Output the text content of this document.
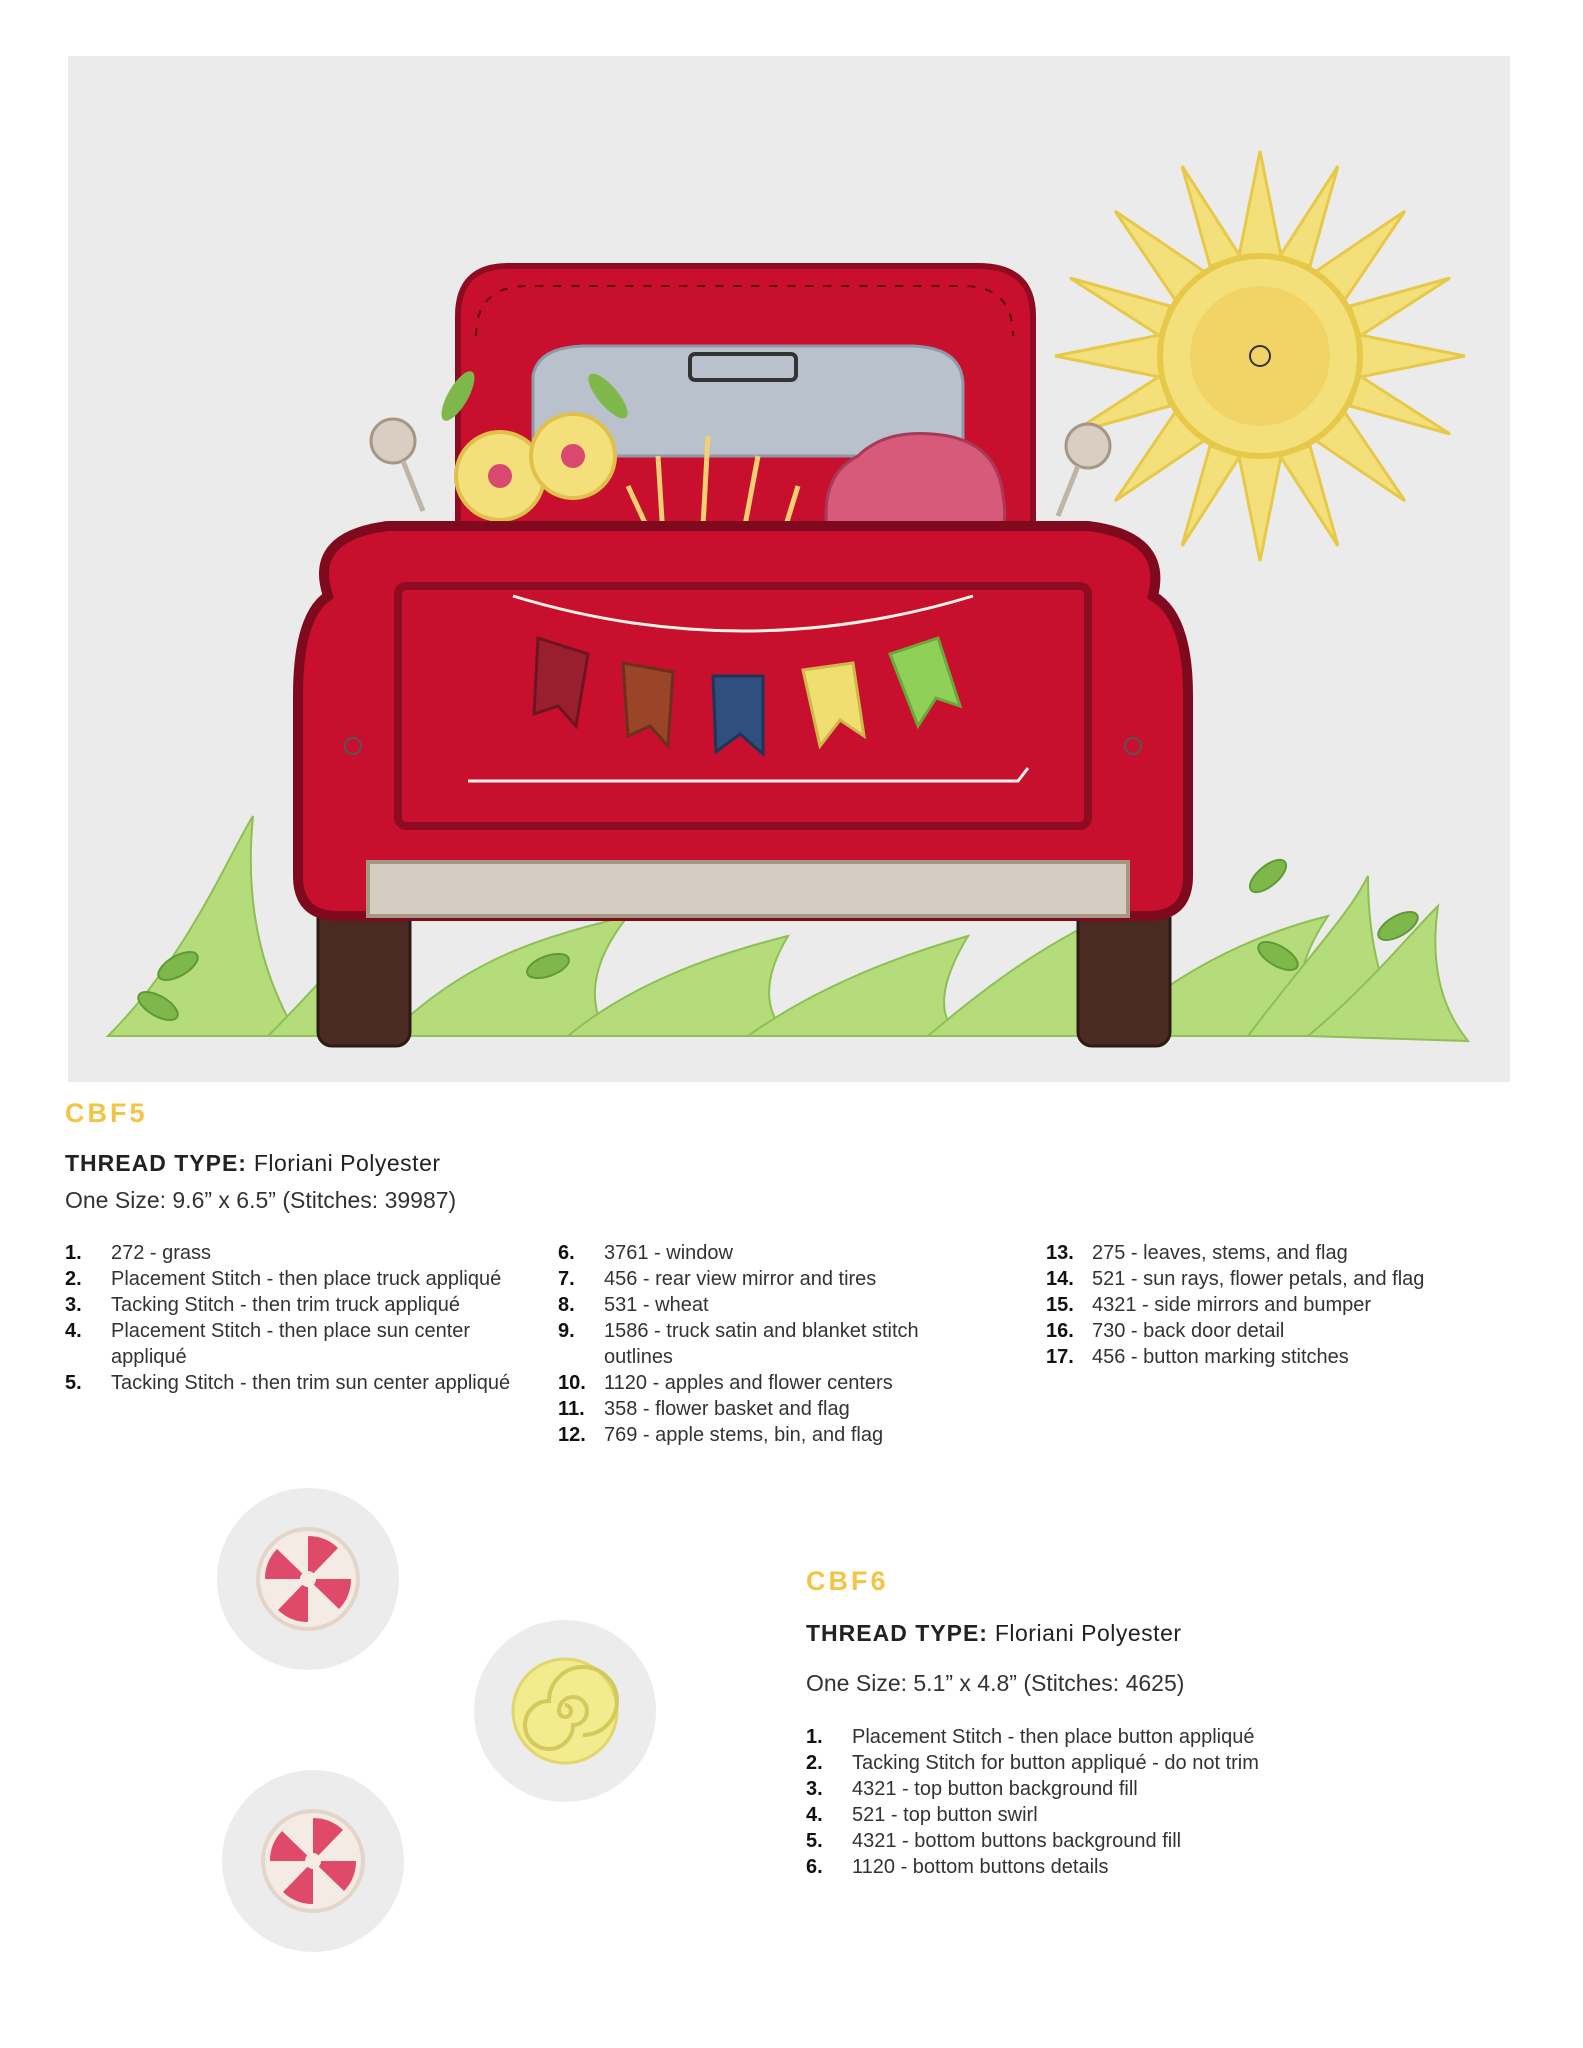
CBF5
THREAD TYPE: Floriani Polyester
One Size: 9.6” x 6.5” (Stitches: 39987)
1. 272 - grass
2. Placement Stitch - then place truck appliqué
3. Tacking Stitch - then trim truck appliqué
4. Placement Stitch - then place sun center appliqué
5. Tacking Stitch - then trim sun center appliqué
6. 3761 - window
7. 456 - rear view mirror and tires
8. 531 - wheat
9. 1586 - truck satin and blanket stitch outlines
10. 1120 - apples and flower centers
11. 358 - flower basket and flag
12. 769 - apple stems, bin, and flag
13. 275 - leaves, stems, and flag
14. 521 - sun rays, flower petals, and flag
15. 4321 - side mirrors and bumper
16. 730 - back door detail
17. 456 - button marking stitches
CBF6
THREAD TYPE: Floriani Polyester
One Size: 5.1” x 4.8” (Stitches: 4625)
1. Placement Stitch - then place button appliqué
2. Tacking Stitch for button appliqué - do not trim
3. 4321 - top button background fill
4. 521 - top button swirl
5. 4321 - bottom buttons background fill
6. 1120 - bottom buttons details
